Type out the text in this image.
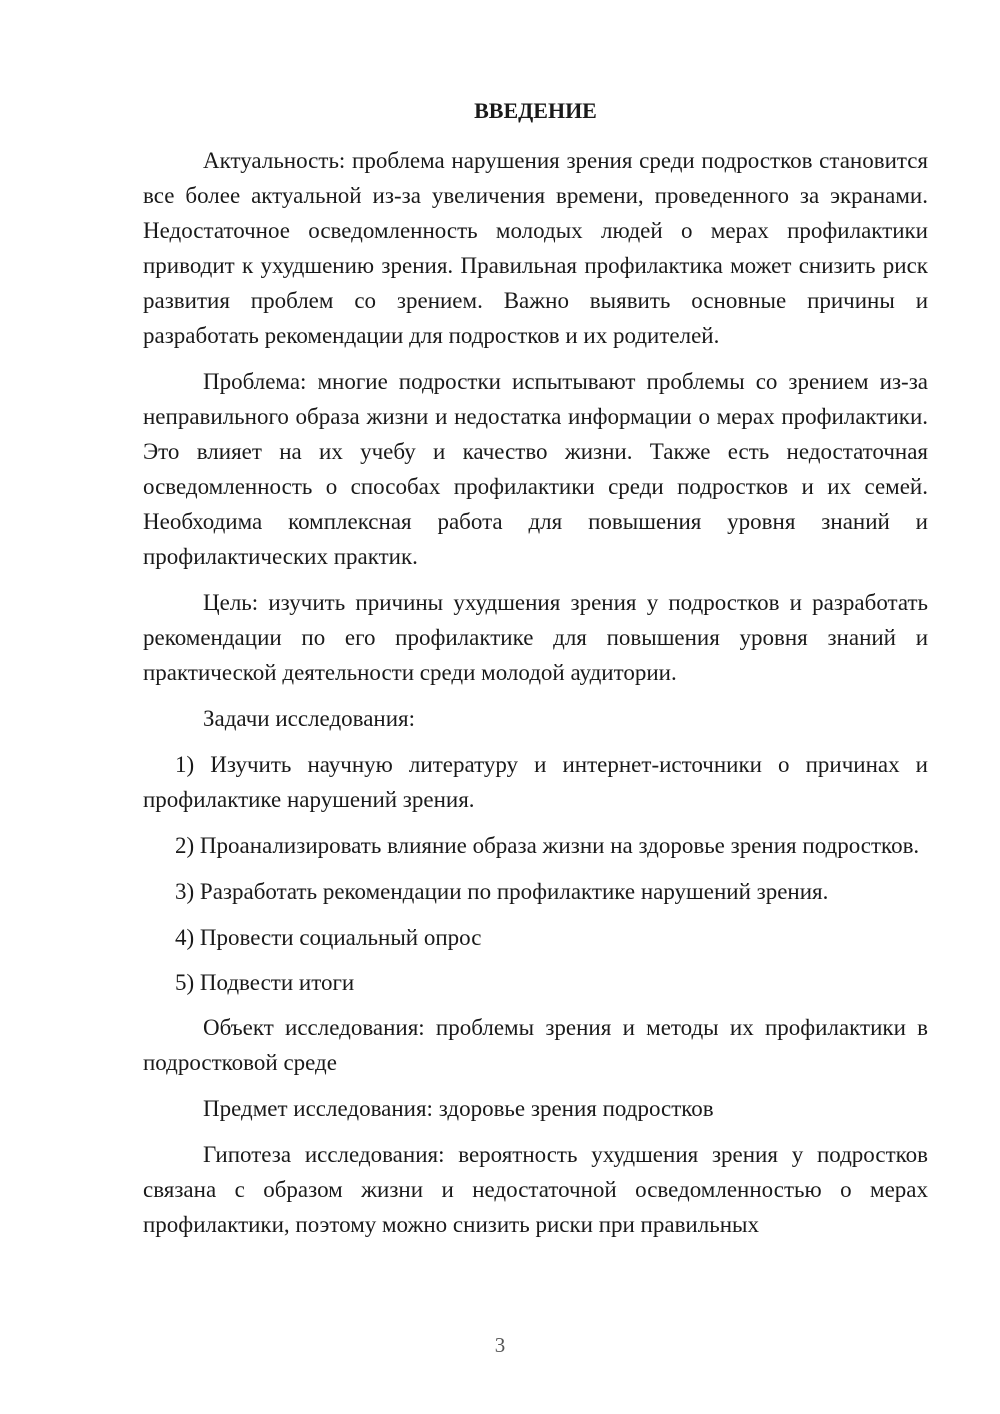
ВВЕДЕНИЕ

Актуальность: проблема нарушения зрения среди подростков становится все более актуальной из-за увеличения времени, проведенного за экранами. Недостаточное осведомленность молодых людей о мерах профилактики приводит к ухудшению зрения. Правильная профилактика может снизить риск развития проблем со зрением. Важно выявить основные причины и разработать рекомендации для подростков и их родителей.

Проблема: многие подростки испытывают проблемы со зрением из-за неправильного образа жизни и недостатка информации о мерах профилактики. Это влияет на их учебу и качество жизни. Также есть недостаточная осведомленность о способах профилактики среди подростков и их семей. Необходима комплексная работа для повышения уровня знаний и профилактических практик.

Цель: изучить причины ухудшения зрения у подростков и разработать рекомендации по его профилактике для повышения уровня знаний и практической деятельности среди молодой аудитории.

Задачи исследования:

1) Изучить научную литературу и интернет-источники о причинах и профилактике нарушений зрения.

2) Проанализировать влияние образа жизни на здоровье зрения подростков.

3) Разработать рекомендации по профилактике нарушений зрения.

4) Провести социальный опрос

5) Подвести итоги

Объект исследования: проблемы зрения и методы их профилактики в подростковой среде

Предмет исследования: здоровье зрения подростков

Гипотеза исследования: вероятность ухудшения зрения у подростков связана с образом жизни и недостаточной осведомленностью о мерах профилактики, поэтому можно снизить риски при правильных

3
